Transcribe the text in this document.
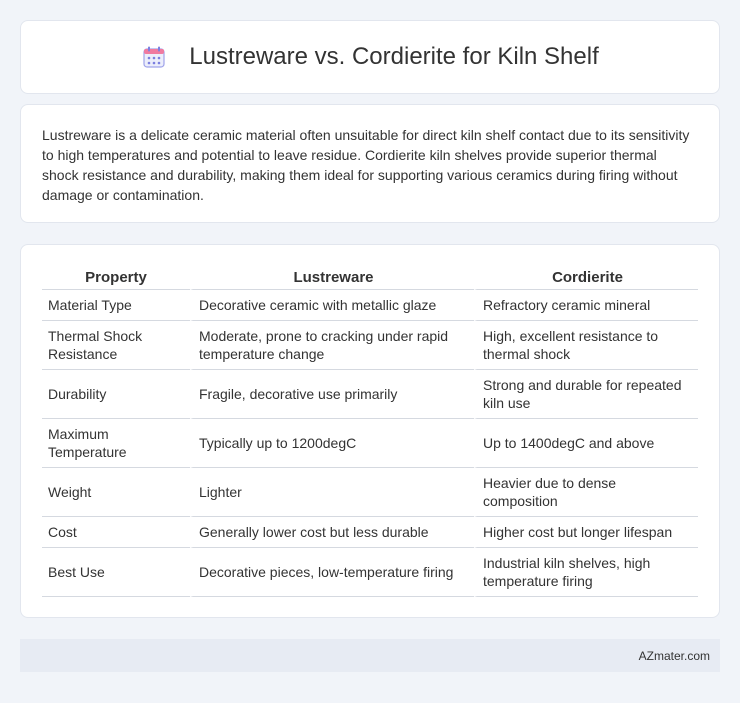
Lustreware vs. Cordierite for Kiln Shelf

Lustreware is a delicate ceramic material often unsuitable for direct kiln shelf contact due to its sensitivity to high temperatures and potential to leave residue. Cordierite kiln shelves provide superior thermal shock resistance and durability, making them ideal for supporting various ceramics during firing without damage or contamination.

Property	Lustreware	Cordierite
Material Type	Decorative ceramic with metallic glaze	Refractory ceramic mineral
Thermal Shock Resistance	Moderate, prone to cracking under rapid temperature change	High, excellent resistance to thermal shock
Durability	Fragile, decorative use primarily	Strong and durable for repeated kiln use
Maximum Temperature	Typically up to 1200degC	Up to 1400degC and above
Weight	Lighter	Heavier due to dense composition
Cost	Generally lower cost but less durable	Higher cost but longer lifespan
Best Use	Decorative pieces, low-temperature firing	Industrial kiln shelves, high temperature firing
AZmater.com
